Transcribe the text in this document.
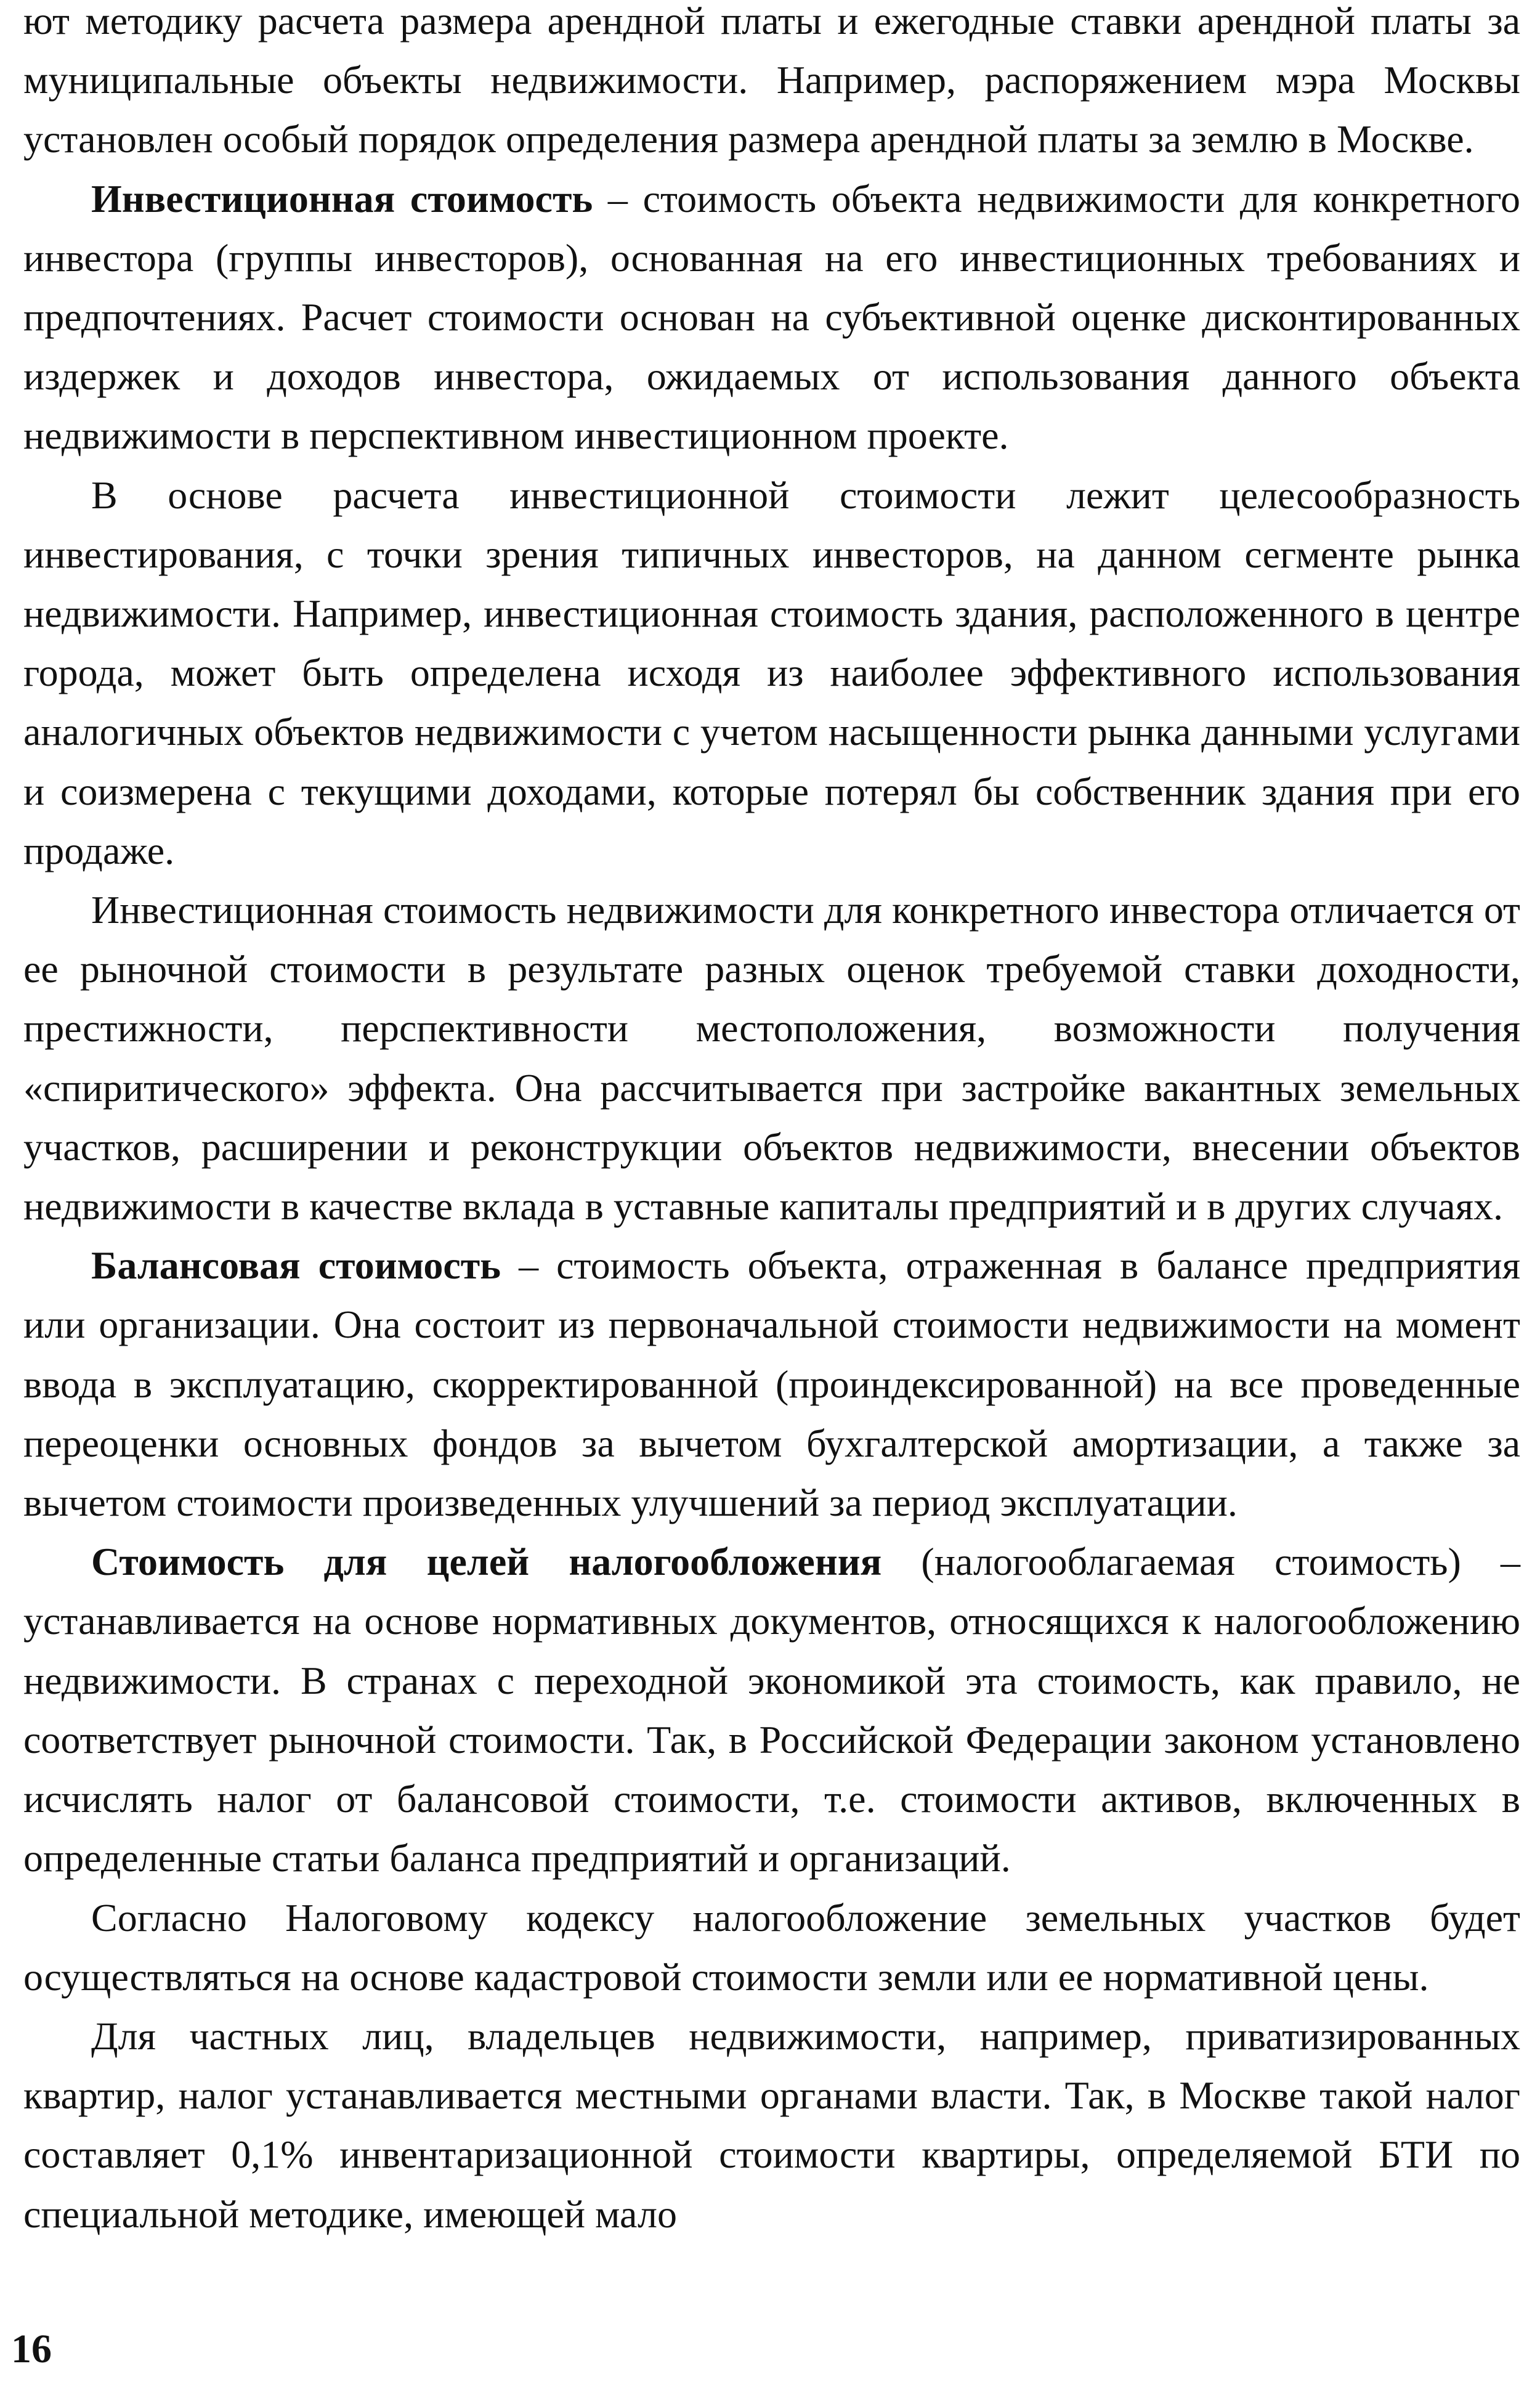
ют методику расчета размера арендной платы и ежегодные ставки арендной платы за муниципальные объекты недвижимости. Например, распоряжением мэра Москвы установлен особый порядок определения размера арендной платы за землю в Москве.

Инвестиционная стоимость – стоимость объекта недвижимости для конкретного инвестора (группы инвесторов), основанная на его инвестиционных требованиях и предпочтениях. Расчет стоимости основан на субъективной оценке дисконтированных издержек и доходов инвестора, ожидаемых от использования данного объекта недвижимости в перспективном инвестиционном проекте.

В основе расчета инвестиционной стоимости лежит целесообразность инвестирования, с точки зрения типичных инвесторов, на данном сегменте рынка недвижимости. Например, инвестиционная стоимость здания, расположенного в центре города, может быть определена исходя из наиболее эффективного использования аналогичных объектов недвижимости с учетом насыщенности рынка данными услугами и соизмерена с текущими доходами, которые потерял бы собственник здания при его продаже.

Инвестиционная стоимость недвижимости для конкретного инвестора отличается от ее рыночной стоимости в результате разных оценок требуемой ставки доходности, престижности, перспективности местоположения, возможности получения «спиритического» эффекта. Она рассчитывается при застройке вакантных земельных участков, расширении и реконструкции объектов недвижимости, внесении объектов недвижимости в качестве вклада в уставные капиталы предприятий и в других случаях.

Балансовая стоимость – стоимость объекта, отраженная в балансе предприятия или организации. Она состоит из первоначальной стоимости недвижимости на момент ввода в эксплуатацию, скорректированной (проиндексированной) на все проведенные переоценки основных фондов за вычетом бухгалтерской амортизации, а также за вычетом стоимости произведенных улучшений за период эксплуатации.

Стоимость для целей налогообложения (налогооблагаемая стоимость) – устанавливается на основе нормативных документов, относящихся к налогообложению недвижимости. В странах с переходной экономикой эта стоимость, как правило, не соответствует рыночной стоимости. Так, в Российской Федерации законом установлено исчислять налог от балансовой стоимости, т.е. стоимости активов, включенных в определенные статьи баланса предприятий и организаций.

Согласно Налоговому кодексу налогообложение земельных участков будет осуществляться на основе кадастровой стоимости земли или ее нормативной цены.

Для частных лиц, владельцев недвижимости, например, приватизированных квартир, налог устанавливается местными органами власти. Так, в Москве такой налог составляет 0,1% инвентаризационной стоимости квартиры, определяемой БТИ по специальной методике, имеющей мало

16
